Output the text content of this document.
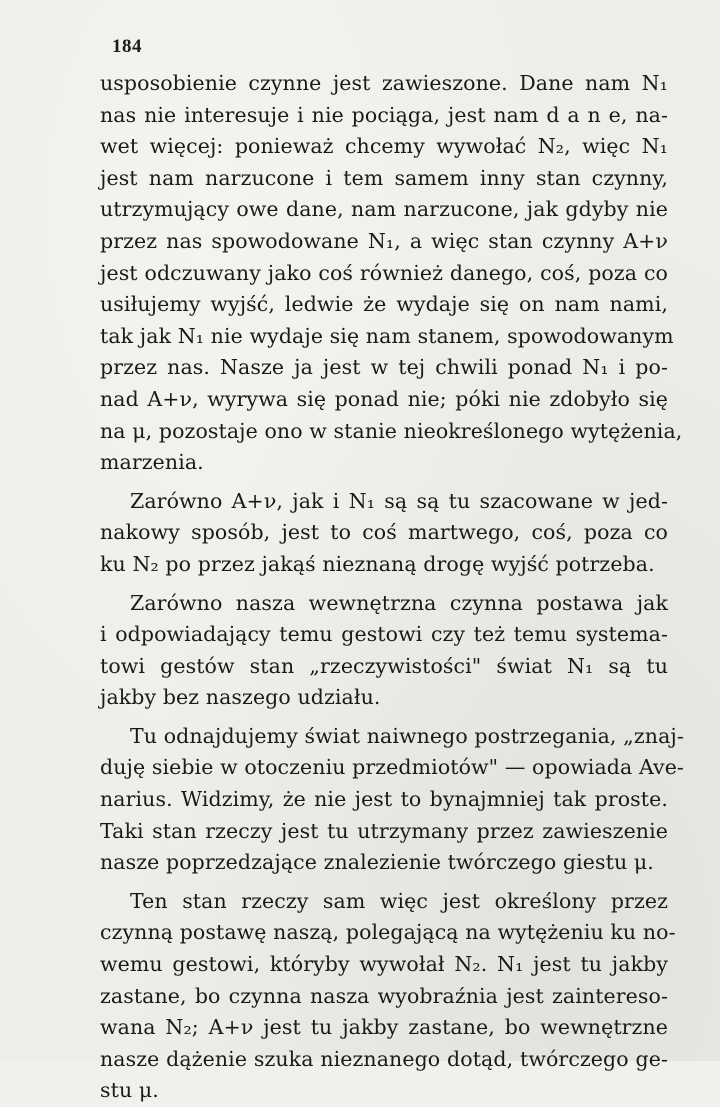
184
usposobienie czynne jest zawieszone. Dane nam N₁
nas nie interesuje i nie pociąga, jest nam d a n e, na-
wet więcej: ponieważ chcemy wywołać N₂, więc N₁
jest nam narzucone i tem samem inny stan czynny,
utrzymujący owe dane, nam narzucone, jak gdyby nie
przez nas spowodowane N₁, a więc stan czynny A+ν
jest odczuwany jako coś również danego, coś, poza co
usiłujemy wyjść, ledwie że wydaje się on nam nami,
tak jak N₁ nie wydaje się nam stanem, spowodowanym
przez nas. Nasze ja jest w tej chwili ponad N₁ i po-
nad A+ν, wyrywa się ponad nie; póki nie zdobyło się
na μ, pozostaje ono w stanie nieokreślonego wytężenia,
marzenia.
Zarówno A+ν, jak i N₁ są są tu szacowane w jed-
nakowy sposób, jest to coś martwego, coś, poza co
ku N₂ po przez jakąś nieznaną drogę wyjść potrzeba.
Zarówno nasza wewnętrzna czynna postawa jak
i odpowiadający temu gestowi czy też temu systema-
towi gestów stan „rzeczywistości" świat N₁ są tu
jakby bez naszego udziału.
Tu odnajdujemy świat naiwnego postrzegania, „znaj-
duję siebie w otoczeniu przedmiotów" — opowiada Ave-
narius. Widzimy, że nie jest to bynajmniej tak proste.
Taki stan rzeczy jest tu utrzymany przez zawieszenie
nasze poprzedzające znalezienie twórczego giestu μ.
Ten stan rzeczy sam więc jest określony przez
czynną postawę naszą, polegającą na wytężeniu ku no-
wemu gestowi, któryby wywołał N₂. N₁ jest tu jakby
zastane, bo czynna nasza wyobraźnia jest zaintereso-
wana N₂; A+ν jest tu jakby zastane, bo wewnętrzne
nasze dążenie szuka nieznanego dotąd, twórczego ge-
stu μ.
